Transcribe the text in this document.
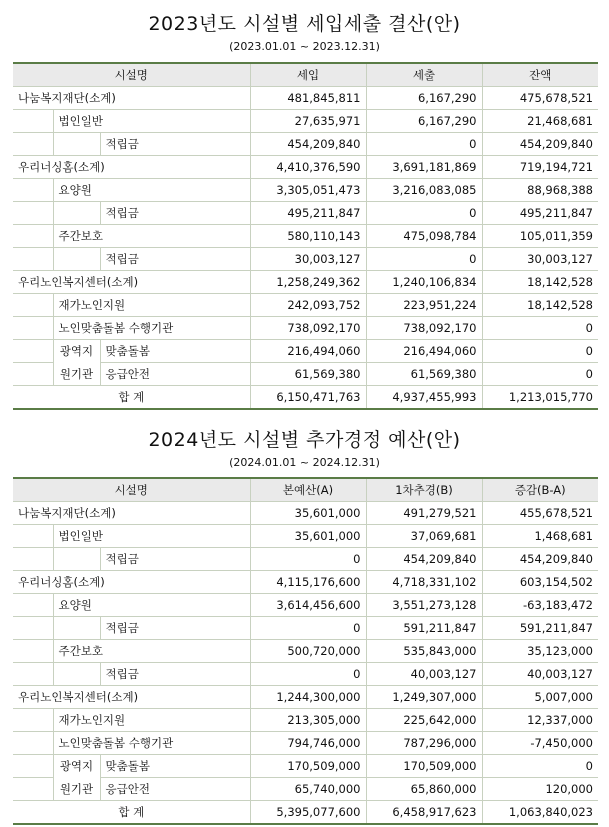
2023년도 시설별 세입세출 결산(안)
(2023.01.01 ~ 2023.12.31)
시설명			세입	세출	잔액
나눔복지재단(소계)			481,845,811	6,167,290	475,678,521
	법인일반		27,635,971	6,167,290	21,468,681
		적립금	454,209,840	0	454,209,840
우리너싱홈(소계)			4,410,376,590	3,691,181,869	719,194,721
	요양원		3,305,051,473	3,216,083,085	88,968,388
		적립금	495,211,847	0	495,211,847
	주간보호		580,110,143	475,098,784	105,011,359
		적립금	30,003,127	0	30,003,127
우리노인복지센터(소계)			1,258,249,362	1,240,106,834	18,142,528
	재가노인지원		242,093,752	223,951,224	18,142,528
	노인맞춤돌봄 수행기관		738,092,170	738,092,170	0
	광역지	맞춤돌봄	216,494,060	216,494,060	0
	원기관	응급안전	61,569,380	61,569,380	0
합 계			6,150,471,763	4,937,455,993	1,213,015,770
2024년도 시설별 추가경정 예산(안)
(2024.01.01 ~ 2024.12.31)
시설명			본예산(A)	1차추경(B)	증감(B-A)
나눔복지재단(소계)			35,601,000	491,279,521	455,678,521
	법인일반		35,601,000	37,069,681	1,468,681
		적립금	0	454,209,840	454,209,840
우리너싱홈(소계)			4,115,176,600	4,718,331,102	603,154,502
	요양원		3,614,456,600	3,551,273,128	-63,183,472
		적립금	0	591,211,847	591,211,847
	주간보호		500,720,000	535,843,000	35,123,000
		적립금	0	40,003,127	40,003,127
우리노인복지센터(소계)			1,244,300,000	1,249,307,000	5,007,000
	재가노인지원		213,305,000	225,642,000	12,337,000
	노인맞춤돌봄 수행기관		794,746,000	787,296,000	-7,450,000
	광역지	맞춤돌봄	170,509,000	170,509,000	0
	원기관	응급안전	65,740,000	65,860,000	120,000
합 계			5,395,077,600	6,458,917,623	1,063,840,023
